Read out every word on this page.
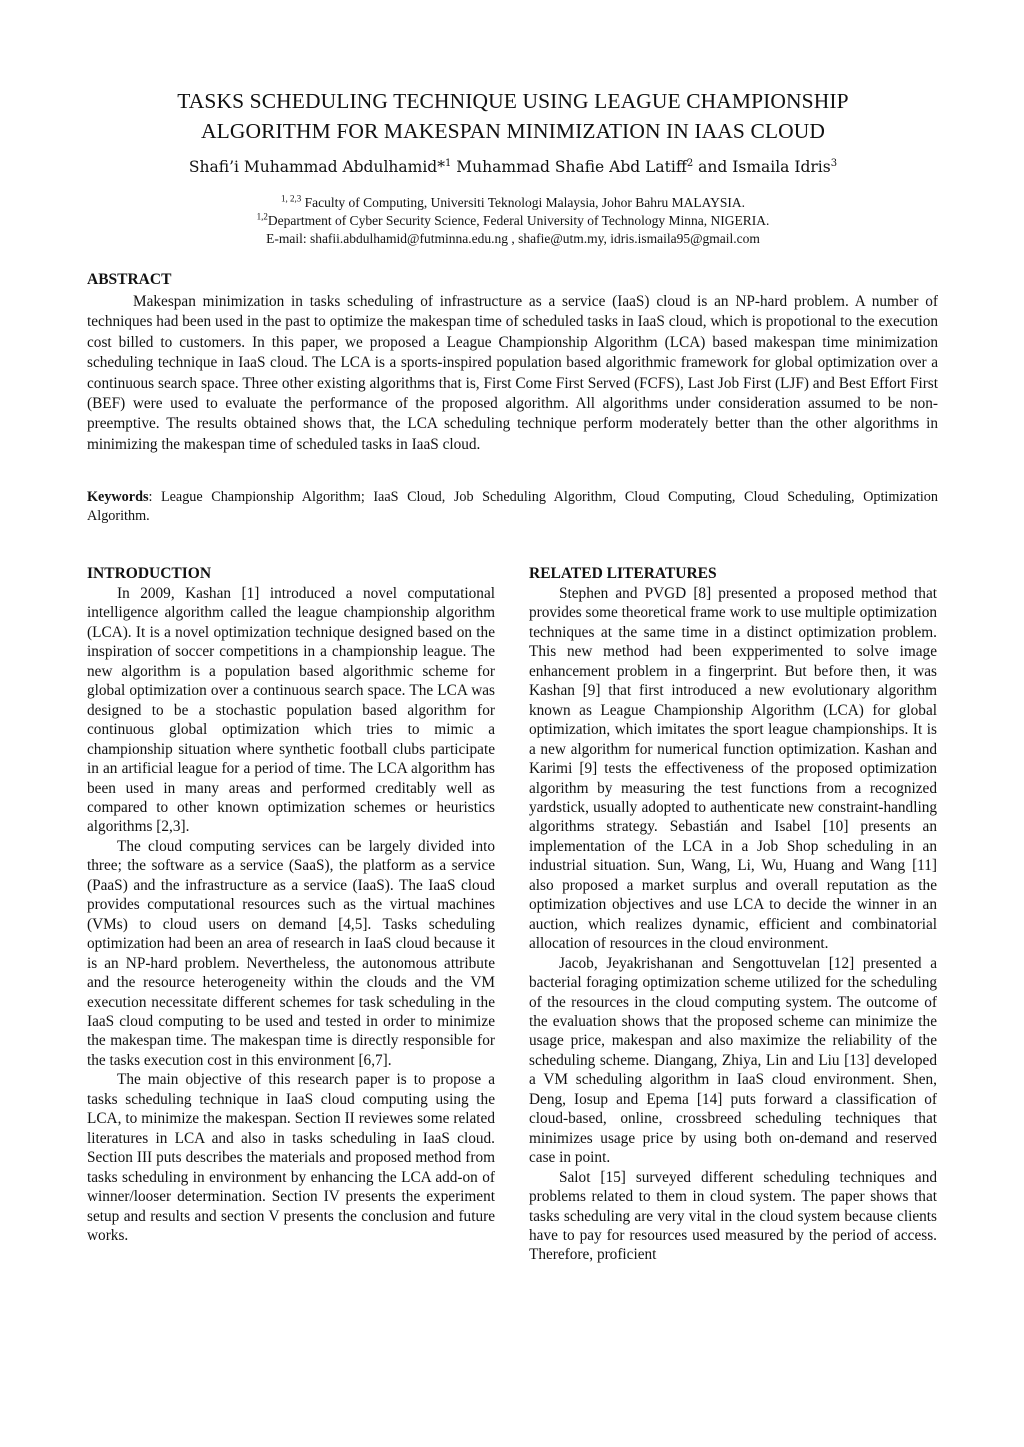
TASKS SCHEDULING TECHNIQUE USING LEAGUE CHAMPIONSHIP

ALGORITHM FOR MAKESPAN MINIMIZATION IN IAAS CLOUD

Shafi’i Muhammad Abdulhamid*$^1$ Muhammad Shafie Abd Latiff$^2$ and Ismaila Idris$^3$

$^{1, 2,3}$ Faculty of Computing, Universiti Teknologi Malaysia, Johor Bahru MALAYSIA.

$^{1,2}$Department of Cyber Security Science, Federal University of Technology Minna, NIGERIA.

E-mail: shafii.abdulhamid@futminna.edu.ng , shafie@utm.my, idris.ismaila95@gmail.com

ABSTRACT

Makespan minimization in tasks scheduling of infrastructure as a service (IaaS) cloud is an NP-hard problem. A number of techniques had been used in the past to optimize the makespan time of scheduled tasks in IaaS cloud, which is propotional to the execution cost billed to customers. In this paper, we proposed a League Championship Algorithm (LCA) based makespan time minimization scheduling technique in IaaS cloud. The LCA is a sports-inspired population based algorithmic framework for global optimization over a continuous search space. Three other existing algorithms that is, First Come First Served (FCFS), Last Job First (LJF) and Best Effort First (BEF) were used to evaluate the performance of the proposed algorithm. All algorithms under consideration assumed to be non-preemptive. The results obtained shows that, the LCA scheduling technique perform moderately better than the other algorithms in minimizing the makespan time of scheduled tasks in IaaS cloud.

Keywords: League Championship Algorithm; IaaS Cloud, Job Scheduling Algorithm, Cloud Computing, Cloud Scheduling, Optimization Algorithm.

INTRODUCTION

In 2009, Kashan [1] introduced a novel computational intelligence algorithm called the league championship algorithm (LCA). It is a novel optimization technique designed based on the inspiration of soccer competitions in a championship league. The new algorithm is a population based algorithmic scheme for global optimization over a continuous search space. The LCA was designed to be a stochastic population based algorithm for continuous global optimization which tries to mimic a championship situation where synthetic football clubs participate in an artificial league for a period of time. The LCA algorithm has been used in many areas and performed creditably well as compared to other known optimization schemes or heuristics algorithms [2,3].

The cloud computing services can be largely divided into three; the software as a service (SaaS), the platform as a service (PaaS) and the infrastructure as a service (IaaS). The IaaS cloud provides computational resources such as the virtual machines (VMs) to cloud users on demand [4,5]. Tasks scheduling optimization had been an area of research in IaaS cloud because it is an NP-hard problem. Nevertheless, the autonomous attribute and the resource heterogeneity within the clouds and the VM execution necessitate different schemes for task scheduling in the IaaS cloud computing to be used and tested in order to minimize the makespan time. The makespan time is directly responsible for the tasks execution cost in this environment [6,7].

The main objective of this research paper is to propose a tasks scheduling technique in IaaS cloud computing using the LCA, to minimize the makespan. Section II reviewes some related literatures in LCA and also in tasks scheduling in IaaS cloud. Section III puts describes the materials and proposed method from tasks scheduling in environment by enhancing the LCA add-on of winner/looser determination. Section IV presents the experiment setup and results and section V presents the conclusion and future works.

RELATED LITERATURES

Stephen and PVGD [8] presented a proposed method that provides some theoretical frame work to use multiple optimization techniques at the same time in a distinct optimization problem. This new method had been expperimented to solve image enhancement problem in a fingerprint. But before then, it was Kashan [9] that first introduced a new evolutionary algorithm known as League Championship Algorithm (LCA) for global optimization, which imitates the sport league championships. It is a new algorithm for numerical function optimization. Kashan and Karimi [9] tests the effectiveness of the proposed optimization algorithm by measuring the test functions from a recognized yardstick, usually adopted to authenticate new constraint-handling algorithms strategy. Sebastián and Isabel [10] presents an implementation of the LCA in a Job Shop scheduling in an industrial situation. Sun, Wang, Li, Wu, Huang and Wang [11] also proposed a market surplus and overall reputation as the optimization objectives and use LCA to decide the winner in an auction, which realizes dynamic, efficient and combinatorial allocation of resources in the cloud environment.

Jacob, Jeyakrishanan and Sengottuvelan [12] presented a bacterial foraging optimization scheme utilized for the scheduling of the resources in the cloud computing system. The outcome of the evaluation shows that the proposed scheme can minimize the usage price, makespan and also maximize the reliability of the scheduling scheme. Diangang, Zhiya, Lin and Liu [13] developed a VM scheduling algorithm in IaaS cloud environment. Shen, Deng, Iosup and Epema [14] puts forward a classification of cloud-based, online, crossbreed scheduling techniques that minimizes usage price by using both on-demand and reserved case in point.

Salot [15] surveyed different scheduling techniques and problems related to them in cloud system. The paper shows that tasks scheduling are very vital in the cloud system because clients have to pay for resources used measured by the period of access. Therefore, proficient
